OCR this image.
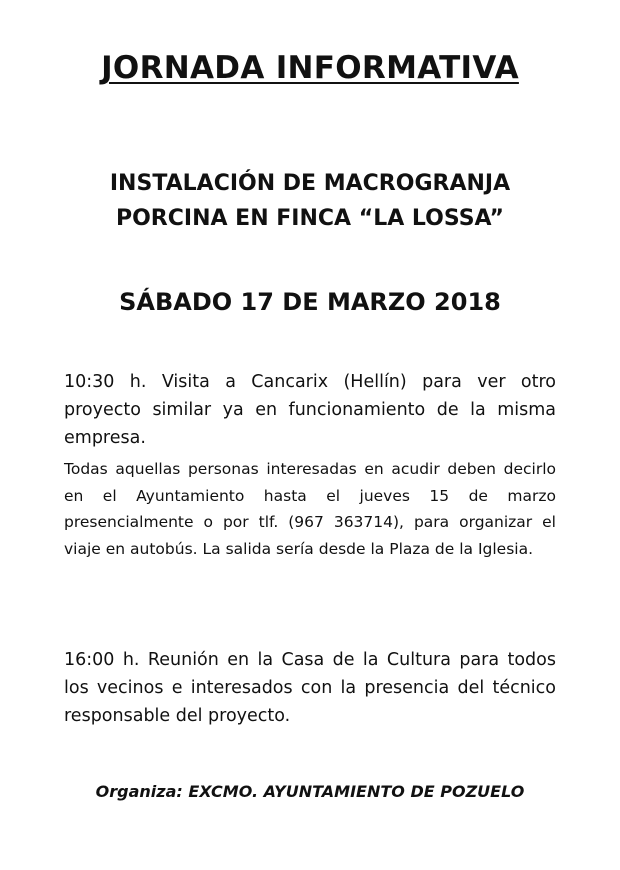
JORNADA INFORMATIVA
INSTALACIÓN DE MACROGRANJA
PORCINA EN FINCA “LA LOSSA”
SÁBADO 17 DE MARZO 2018
10:30 h. Visita a Cancarix (Hellín) para ver otro proyecto similar ya en funcionamiento de la misma empresa.
Todas aquellas personas interesadas en acudir deben decirlo en el Ayuntamiento hasta el jueves 15 de marzo presencialmente o por tlf. (967 363714), para organizar el viaje en autobús. La salida sería desde la Plaza de la Iglesia.
16:00 h. Reunión en la Casa de la Cultura para todos los vecinos e interesados con la presencia del técnico responsable del proyecto.
Organiza: EXCMO. AYUNTAMIENTO DE POZUELO
